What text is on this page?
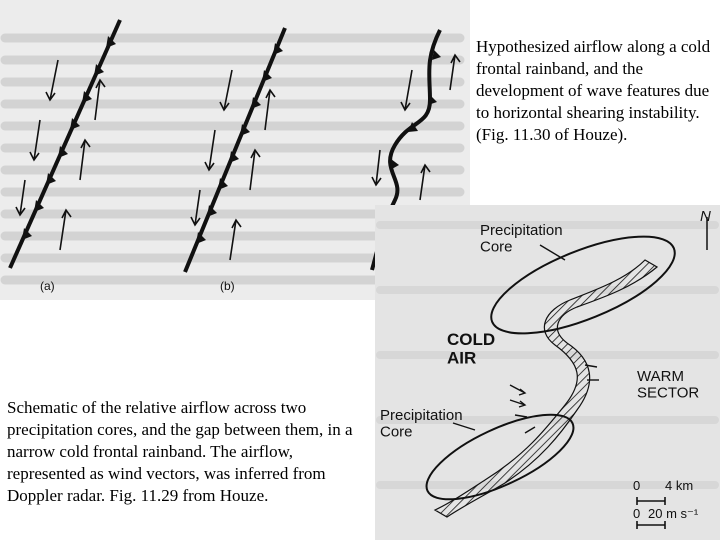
(a)	(b)
N
Precipitation Core
COLD AIR
Precipitation Core
WARM SECTOR
0 4 km
0 20 m s⁻¹
Hypothesized airflow along a cold frontal rainband, and the development of wave features due to horizontal shearing instability. (Fig. 11.30 of Houze).
Schematic of the relative airflow across two precipitation cores, and the gap between them, in a narrow cold frontal rainband. The airflow, represented as wind vectors, was inferred from Doppler radar. Fig. 11.29 from Houze.
